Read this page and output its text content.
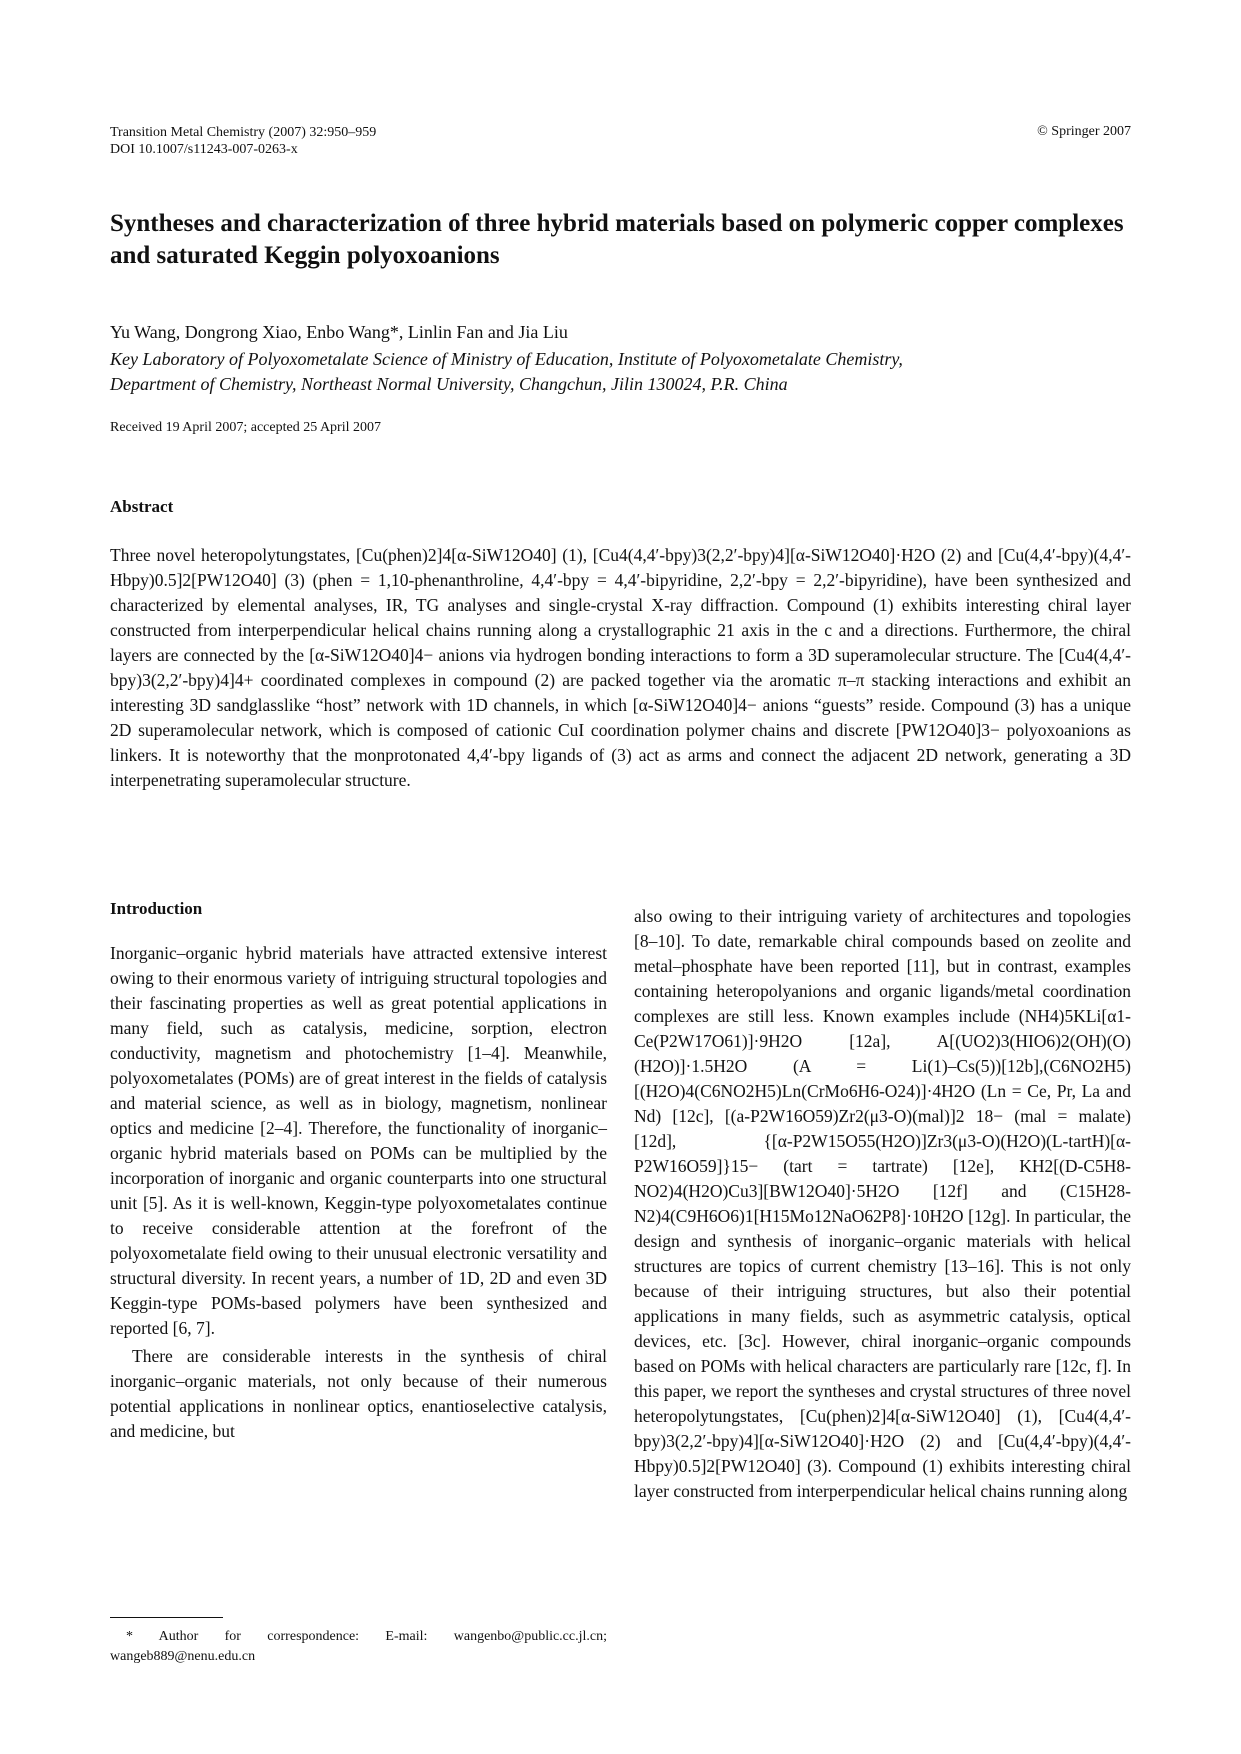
Transition Metal Chemistry (2007) 32:950–959
DOI 10.1007/s11243-007-0263-x
© Springer 2007
Syntheses and characterization of three hybrid materials based on polymeric copper complexes and saturated Keggin polyoxoanions
Yu Wang, Dongrong Xiao, Enbo Wang*, Linlin Fan and Jia Liu

Key Laboratory of Polyoxometalate Science of Ministry of Education, Institute of Polyoxometalate Chemistry,
Department of Chemistry, Northeast Normal University, Changchun, Jilin 130024, P.R. China

Received 19 April 2007; accepted 25 April 2007
Abstract

Three novel heteropolytungstates, [Cu(phen)2]4[α-SiW12O40] (1), [Cu4(4,4′-bpy)3(2,2′-bpy)4][α-SiW12O40]·H2O (2) and [Cu(4,4′-bpy)(4,4′-Hbpy)0.5]2[PW12O40] (3) (phen = 1,10-phenanthroline, 4,4′-bpy = 4,4′-bipyridine, 2,2′-bpy = 2,2′-bipyridine), have been synthesized and characterized by elemental analyses, IR, TG analyses and single-crystal X-ray diffraction. Compound (1) exhibits interesting chiral layer constructed from interperpendicular helical chains running along a crystallographic 21 axis in the c and a directions. Furthermore, the chiral layers are connected by the [α-SiW12O40]4− anions via hydrogen bonding interactions to form a 3D superamolecular structure. The [Cu4(4,4′-bpy)3(2,2′-bpy)4]4+ coordinated complexes in compound (2) are packed together via the aromatic π–π stacking interactions and exhibit an interesting 3D sandglasslike “host” network with 1D channels, in which [α-SiW12O40]4− anions “guests” reside. Compound (3) has a unique 2D superamolecular network, which is composed of cationic CuI coordination polymer chains and discrete [PW12O40]3− polyoxoanions as linkers. It is noteworthy that the monprotonated 4,4′-bpy ligands of (3) act as arms and connect the adjacent 2D network, generating a 3D interpenetrating superamolecular structure.

Introduction

Inorganic–organic hybrid materials have attracted extensive interest owing to their enormous variety of intriguing structural topologies and their fascinating properties as well as great potential applications in many field, such as catalysis, medicine, sorption, electron conductivity, magnetism and photochemistry [1–4]. Meanwhile, polyoxometalates (POMs) are of great interest in the fields of catalysis and material science, as well as in biology, magnetism, nonlinear optics and medicine [2–4]. Therefore, the functionality of inorganic–organic hybrid materials based on POMs can be multiplied by the incorporation of inorganic and organic counterparts into one structural unit [5]. As it is well-known, Keggin-type polyoxometalates continue to receive considerable attention at the forefront of the polyoxometalate field owing to their unusual electronic versatility and structural diversity. In recent years, a number of 1D, 2D and even 3D Keggin-type POMs-based polymers have been synthesized and reported [6, 7].

There are considerable interests in the synthesis of chiral inorganic–organic materials, not only because of their numerous potential applications in nonlinear optics, enantioselective catalysis, and medicine, but

also owing to their intriguing variety of architectures and topologies [8–10]. To date, remarkable chiral compounds based on zeolite and metal–phosphate have been reported [11], but in contrast, examples containing heteropolyanions and organic ligands/metal coordination complexes are still less. Known examples include (NH4)5KLi[α1-Ce(P2W17O61)]·9H2O [12a], A[(UO2)3(HIO6)2(OH)(O)(H2O)]·1.5H2O (A = Li(1)–Cs(5))[12b],(C6NO2H5)[(H2O)4(C6NO2H5)Ln(CrMo6H6-O24)]·4H2O (Ln = Ce, Pr, La and Nd) [12c], [(a-P2W16O59)Zr2(μ3-O)(mal)]2 18− (mal = malate) [12d], {[α-P2W15O55(H2O)]Zr3(μ3-O)(H2O)(L-tartH)[α-P2W16O59]}15− (tart = tartrate) [12e], KH2[(D-C5H8-NO2)4(H2O)Cu3][BW12O40]·5H2O [12f] and (C15H28-N2)4(C9H6O6)1[H15Mo12NaO62P8]·10H2O [12g]. In particular, the design and synthesis of inorganic–organic materials with helical structures are topics of current chemistry [13–16]. This is not only because of their intriguing structures, but also their potential applications in many fields, such as asymmetric catalysis, optical devices, etc. [3c]. However, chiral inorganic–organic compounds based on POMs with helical characters are particularly rare [12c, f]. In this paper, we report the syntheses and crystal structures of three novel heteropolytungstates, [Cu(phen)2]4[α-SiW12O40] (1), [Cu4(4,4′-bpy)3(2,2′-bpy)4][α-SiW12O40]·H2O (2) and [Cu(4,4′-bpy)(4,4′-Hbpy)0.5]2[PW12O40] (3). Compound (1) exhibits interesting chiral layer constructed from interperpendicular helical chains running along

* Author for correspondence: E-mail: wangenbo@public.cc.jl.cn; wangeb889@nenu.edu.cn
